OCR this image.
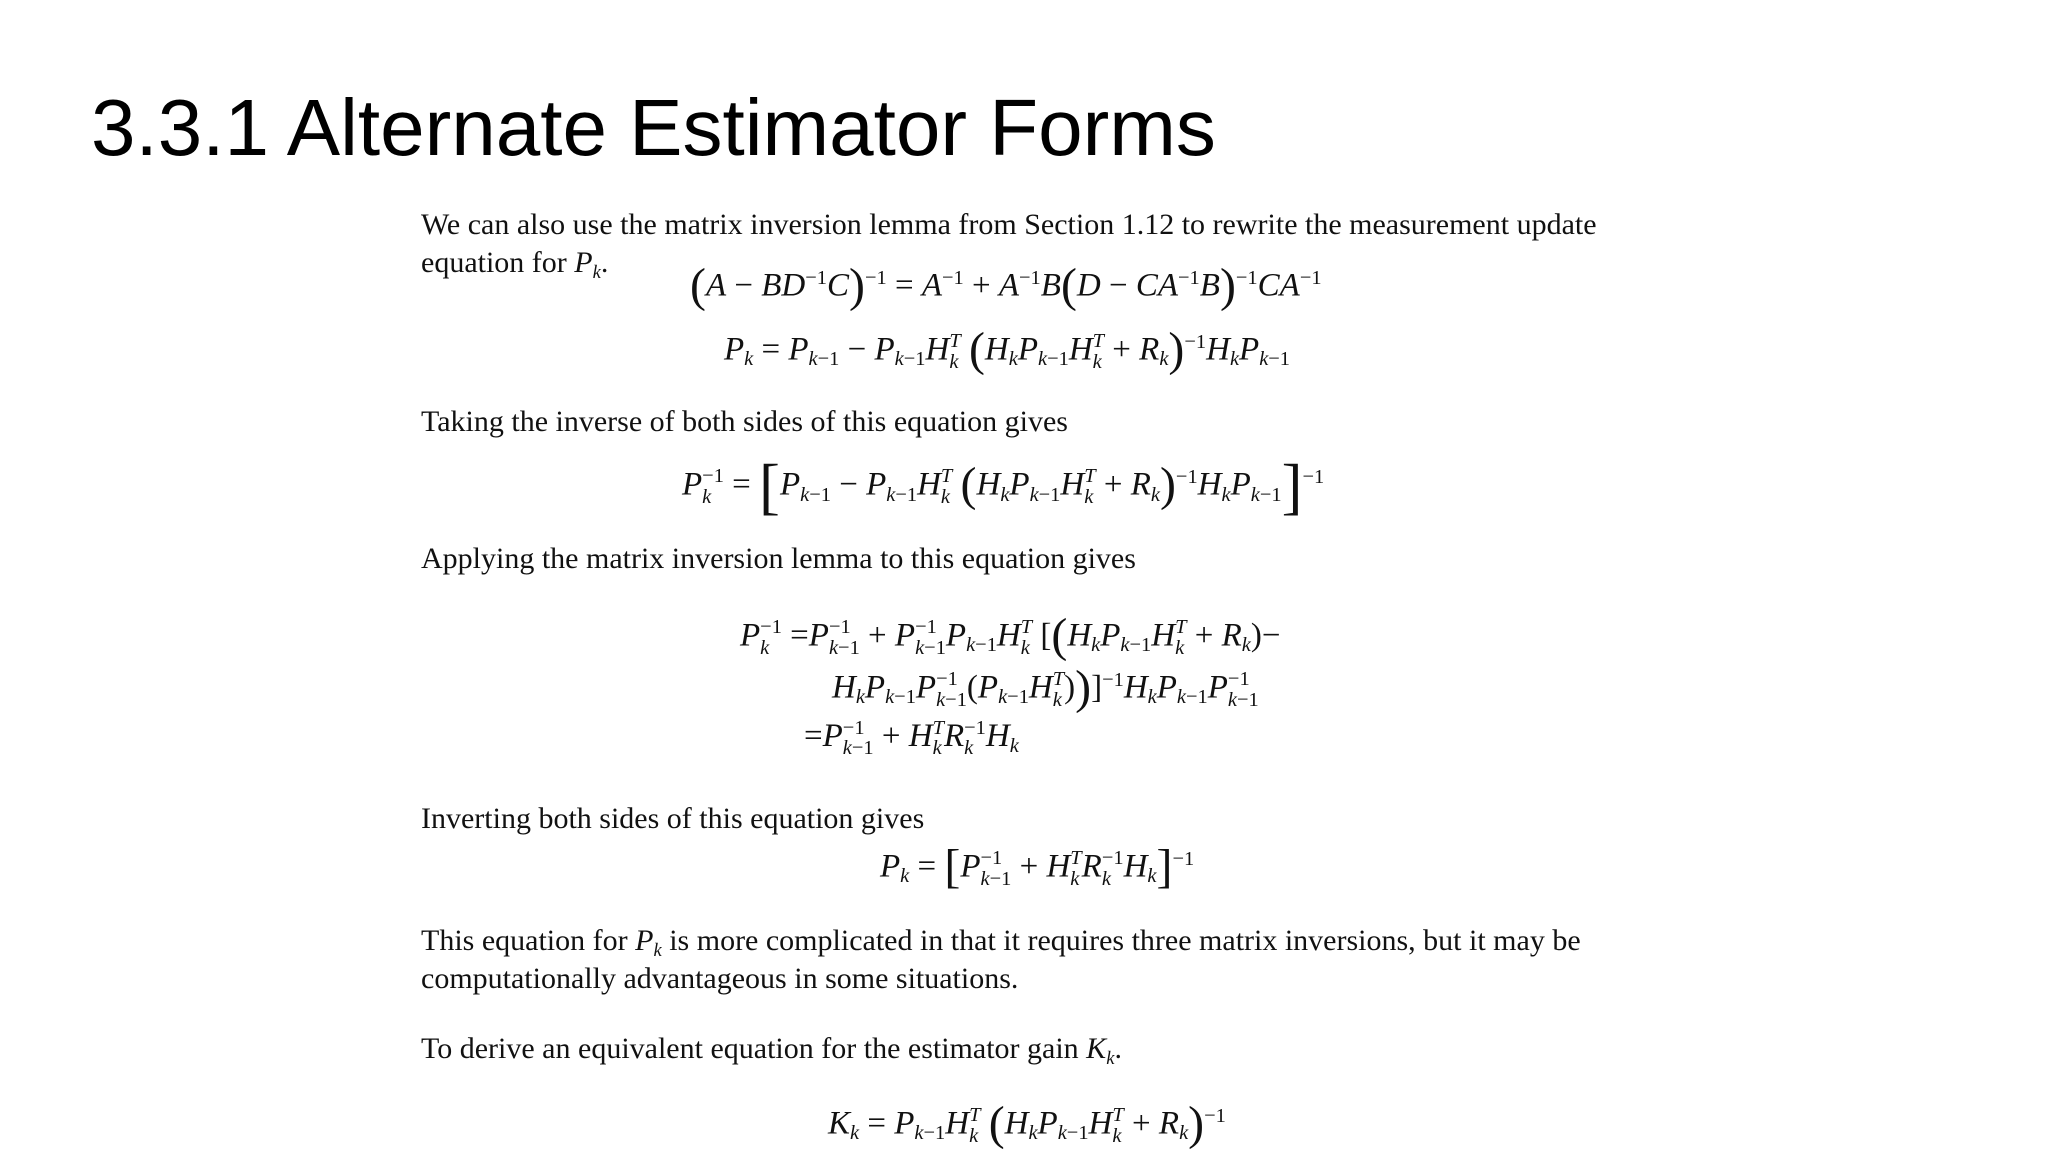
3.3.1 Alternate Estimator Forms
We can also use the matrix inversion lemma from Section 1.12 to rewrite the measurement update
equation for $P_k$.	$(A - BD^{-1}C)^{-1} = A^{-1} + A^{-1}B(D - CA^{-1}B)^{-1}CA^{-1}$
$P_k = P_{k-1} - P_{k-1}H$ T
k ($H_kP_{k-1}H$ T
$k + R_k)^{-1}H_kP_{k-1}$
Taking the inverse of both sides of this equation gives
P −1
$k = [P_{k-1} - P_{k-1}H$ T
k ($H_kP_{k-1}H$ T
$k + R_k)^{-1}H_kP_{k-1}]^{-1}$
Applying the matrix inversion lemma to this equation gives
P −1
k =P −1
k−1 + P −1
k−1 $P_{k-1}H$ T
k [($H_kP_{k-1}H$ T
$k + R_k)-$
$H_kP_{k-1}P -1$
k−1 ($P_{k-1}H$ T
k ))]$^{-1}H_kP_{k-1}P -1$
k−1
=P −1
k−1 + H T
k R −1
k $H_k$
Inverting both sides of this equation gives
$P_k = [P -1$
k−1 + H T
k R −1
k $H_k]^{-1}$
This equation for $P_k$ is more complicated in that it requires three matrix inversions, but it may be
computationally advantageous in some situations.
To derive an equivalent equation for the estimator gain $K_k$.
$K_k = P_{k-1}H$ T
k ($H_kP_{k-1}H$ T
$k + R_k)^{-1}$
